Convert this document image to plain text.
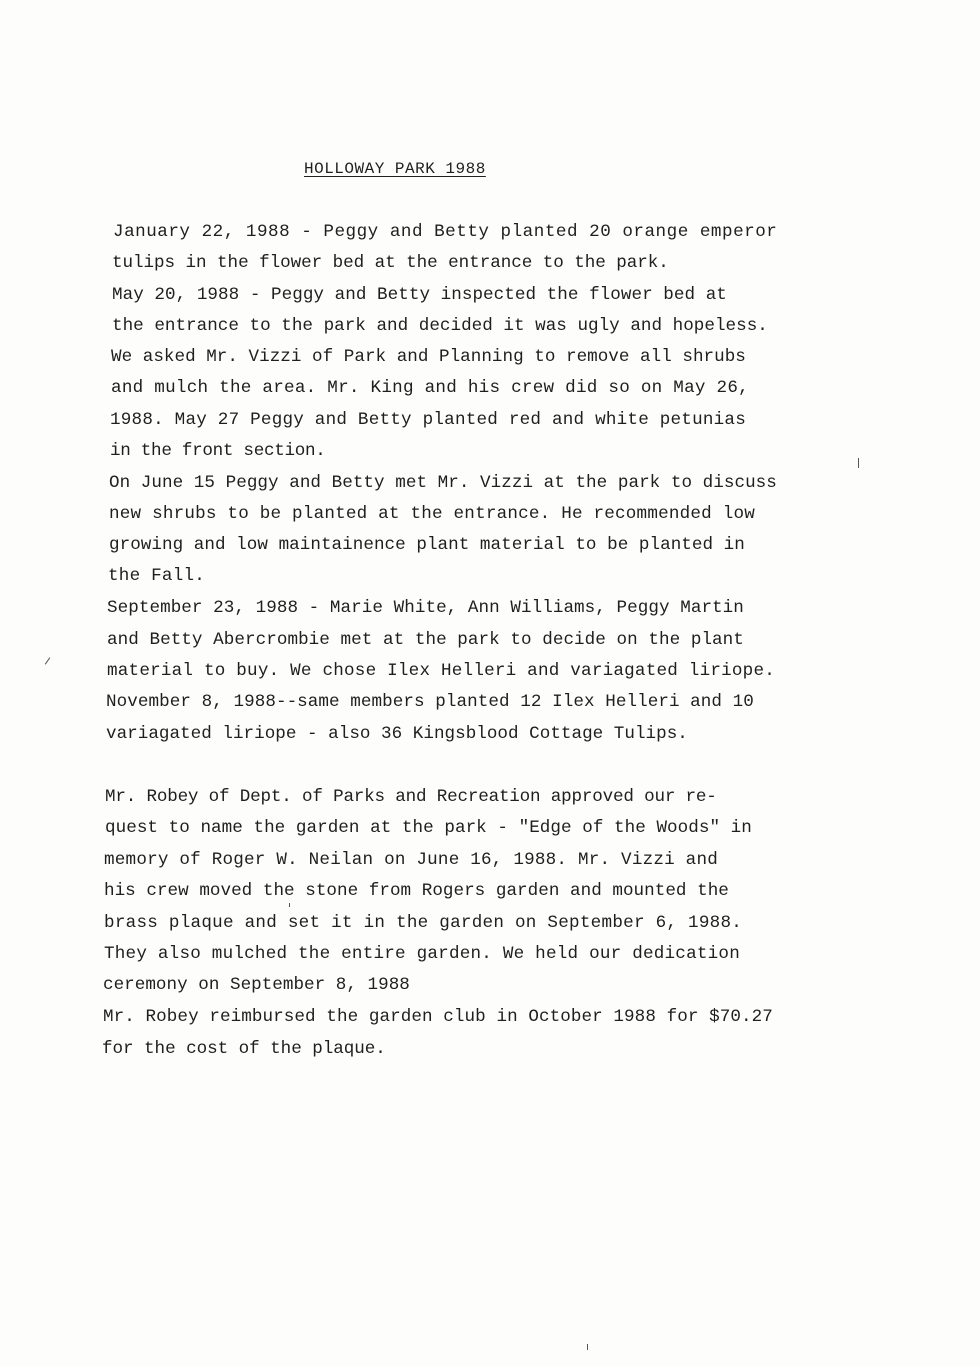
HOLLOWAY PARK 1988
January 22, 1988 - Peggy and Betty planted 20 orange emperor
tulips in the flower bed at the entrance to the park.
May 20, 1988 - Peggy and Betty inspected the flower bed at
the entrance to the park and decided it was ugly and hopeless.
We asked Mr. Vizzi of Park and Planning to remove all shrubs
and mulch the area. Mr. King and his crew did so on May 26,
1988. May 27 Peggy and Betty planted red and white petunias
in the front section.
On June 15 Peggy and Betty met Mr. Vizzi at the park to discuss
new shrubs to be planted at the entrance. He recommended low
growing and low maintainence plant material to be planted in
the Fall.
September 23, 1988 - Marie White, Ann Williams, Peggy Martin
and Betty Abercrombie met at the park to decide on the plant
material to buy. We chose Ilex Helleri and variagated liriope.
November 8, 1988--same members planted 12 Ilex Helleri and 10
variagated liriope - also 36 Kingsblood Cottage Tulips.
Mr. Robey of Dept. of Parks and Recreation approved our re-
quest to name the garden at the park - "Edge of the Woods" in
memory of Roger W. Neilan on June 16, 1988. Mr. Vizzi and
his crew moved the stone from Rogers garden and mounted the
brass plaque and set it in the garden on September 6, 1988.
They also mulched the entire garden. We held our dedication
ceremony on September 8, 1988
Mr. Robey reimbursed the garden club in October 1988 for $70.27
for the cost of the plaque.
